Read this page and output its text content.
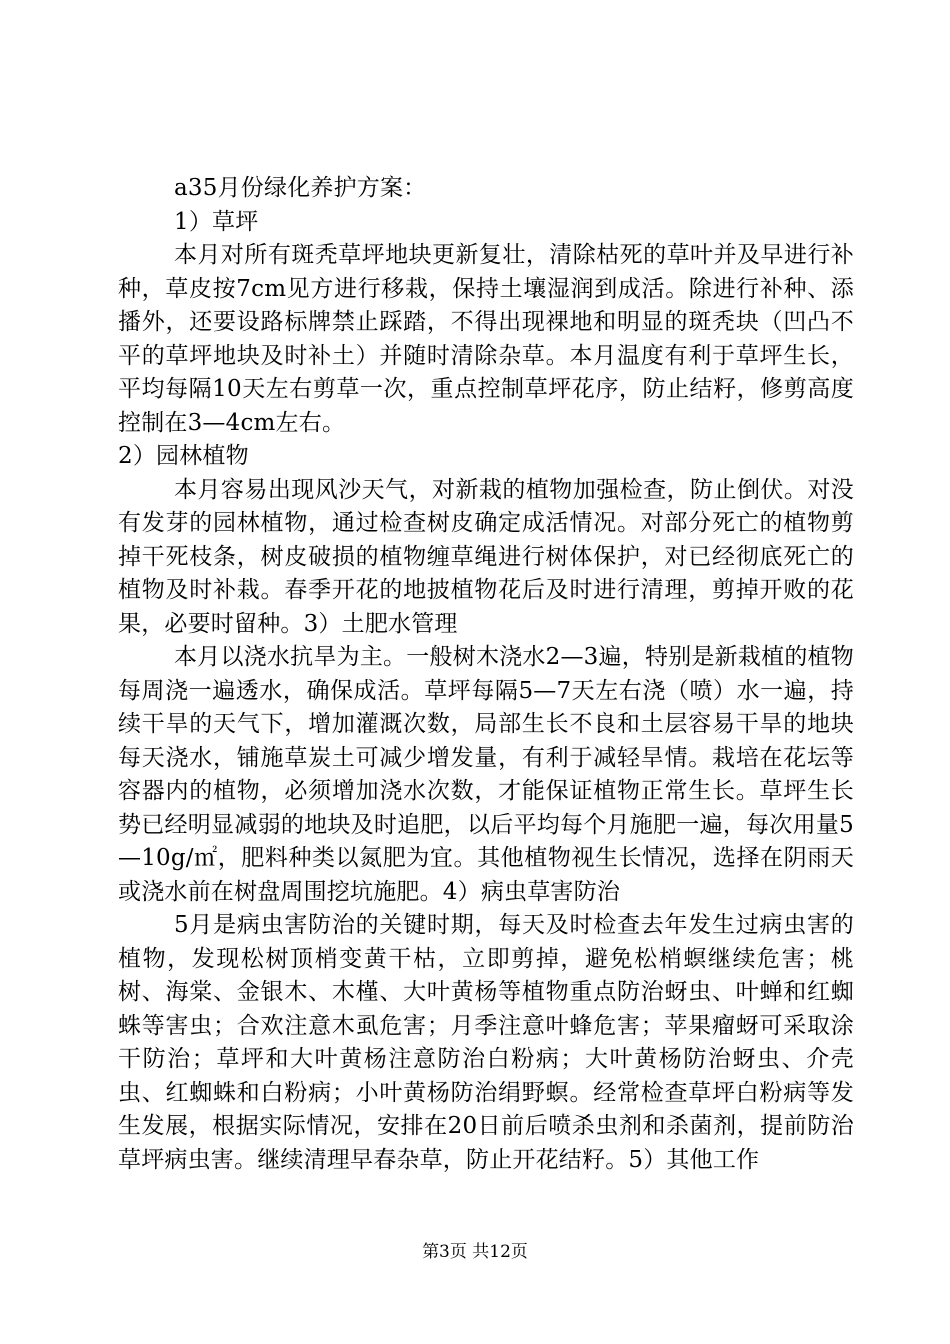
a35月份绿化养护方案：

1）草坪

本月对所有斑秃草坪地块更新复壮，清除枯死的草叶并及早进行补种，草皮按7cm见方进行移栽，保持土壤湿润到成活。除进行补种、添播外，还要设路标牌禁止踩踏，不得出现裸地和明显的斑秃块（凹凸不平的草坪地块及时补土）并随时清除杂草。本月温度有利于草坪生长，平均每隔10天左右剪草一次，重点控制草坪花序，防止结籽，修剪高度控制在3—4cm左右。

2）园林植物

本月容易出现风沙天气，对新栽的植物加强检查，防止倒伏。对没有发芽的园林植物，通过检查树皮确定成活情况。对部分死亡的植物剪掉干死枝条，树皮破损的植物缠草绳进行树体保护，对已经彻底死亡的植物及时补栽。春季开花的地披植物花后及时进行清理，剪掉开败的花果，必要时留种。3）土肥水管理

本月以浇水抗旱为主。一般树木浇水2—3遍，特别是新栽植的植物每周浇一遍透水，确保成活。草坪每隔5—7天左右浇（喷）水一遍，持续干旱的天气下，增加灌溉次数，局部生长不良和土层容易干旱的地块每天浇水，铺施草炭土可减少增发量，有利于减轻旱情。栽培在花坛等容器内的植物，必须增加浇水次数，才能保证植物正常生长。草坪生长势已经明显减弱的地块及时追肥，以后平均每个月施肥一遍，每次用量5—10g/㎡，肥料种类以氮肥为宜。其他植物视生长情况，选择在阴雨天或浇水前在树盘周围挖坑施肥。4）病虫草害防治

5月是病虫害防治的关键时期，每天及时检查去年发生过病虫害的植物，发现松树顶梢变黄干枯，立即剪掉，避免松梢螟继续危害；桃树、海棠、金银木、木槿、大叶黄杨等植物重点防治蚜虫、叶蝉和红蜘蛛等害虫；合欢注意木虱危害；月季注意叶蜂危害；苹果瘤蚜可采取涂干防治；草坪和大叶黄杨注意防治白粉病；大叶黄杨防治蚜虫、介壳虫、红蜘蛛和白粉病；小叶黄杨防治绢野螟。经常检查草坪白粉病等发生发展，根据实际情况，安排在20日前后喷杀虫剂和杀菌剂，提前防治草坪病虫害。继续清理早春杂草，防止开花结籽。5）其他工作

第3页 共12页
